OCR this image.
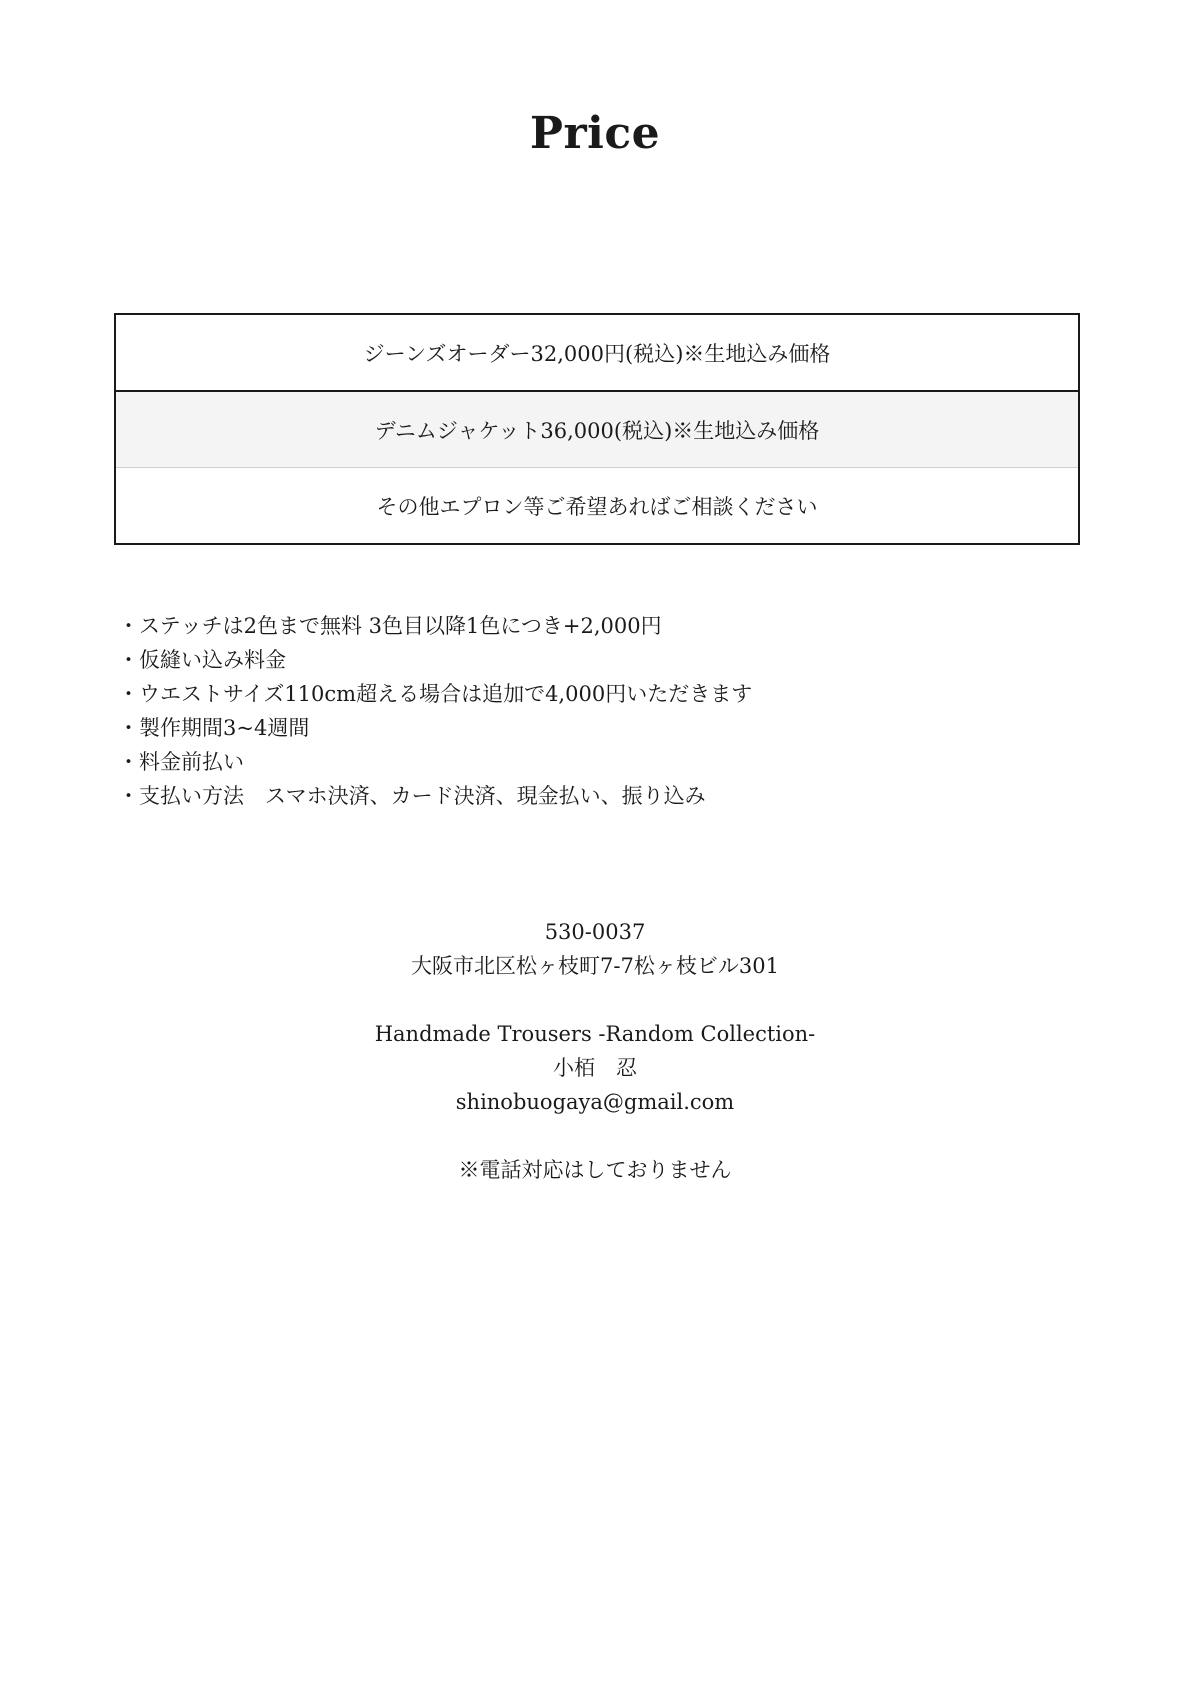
Price
ジーンズオーダー32,000円(税込)※生地込み価格
デニムジャケット36,000(税込)※生地込み価格
その他エプロン等ご希望あればご相談ください
・ステッチは2色まで無料 3色目以降1色につき+2,000円
・仮縫い込み料金
・ウエストサイズ110cm超える場合は追加で4,000円いただきます
・製作期間3~4週間
・料金前払い
・支払い方法　スマホ決済、カード決済、現金払い、振り込み
530-0037
大阪市北区松ヶ枝町7-7松ヶ枝ビル301
Handmade Trousers -Random Collection-
小栢　忍
shinobuogaya@gmail.com
※電話対応はしておりません
